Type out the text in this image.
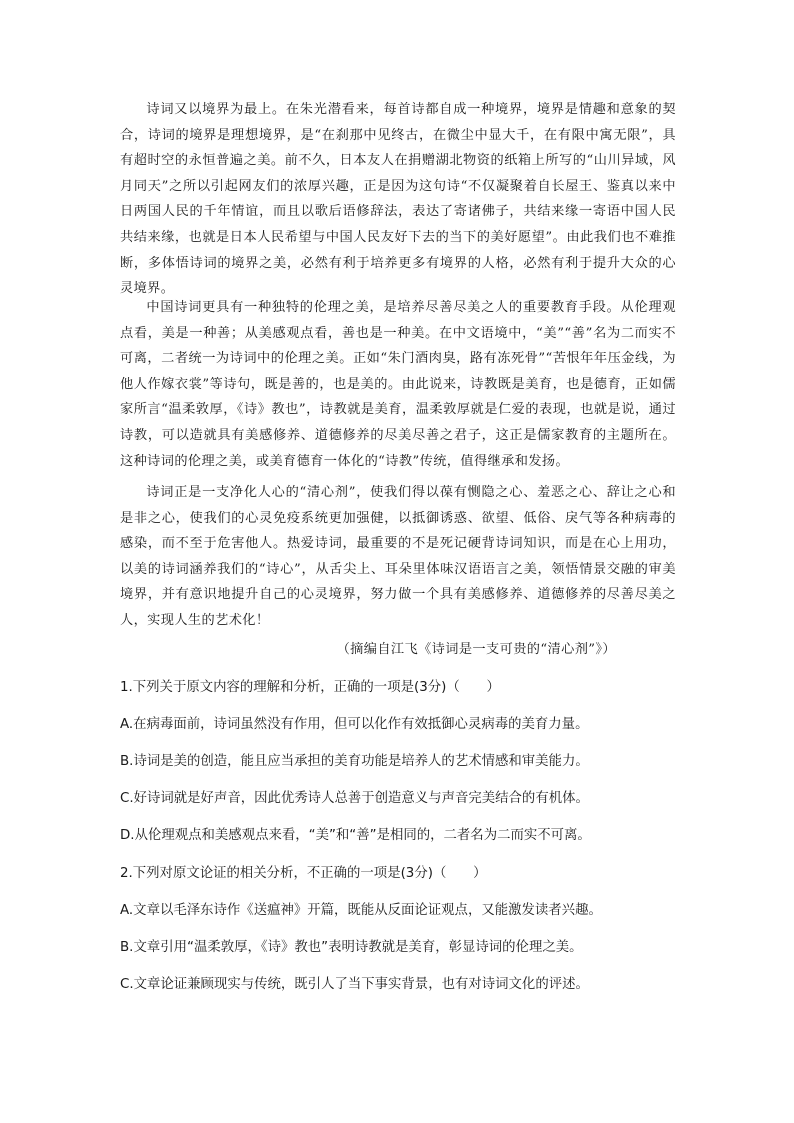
诗词又以境界为最上。在朱光潜看来，每首诗都自成一种境界，境界是情趣和意象的契合，诗词的境界是理想境界，是“在刹那中见终古，在微尘中显大千，在有限中寓无限”，具有超时空的永恒普遍之美。前不久，日本友人在捐赠湖北物资的纸箱上所写的“山川异域，风月同天”之所以引起网友们的浓厚兴趣，正是因为这句诗“不仅凝聚着自长屋王、鉴真以来中日两国人民的千年情谊，而且以歌后语修辞法，表达了寄诸佛子，共结来缘一寄语中国人民共结来缘，也就是日本人民希望与中国人民友好下去的当下的美好愿望”。由此我们也不难推断，多体悟诗词的境界之美，必然有利于培养更多有境界的人格，必然有利于提升大众的心灵境界。

中国诗词更具有一种独特的伦理之美，是培养尽善尽美之人的重要教育手段。从伦理观点看，美是一种善；从美感观点看，善也是一种美。在中文语境中，“美”“善”名为二而实不可离，二者统一为诗词中的伦理之美。正如“朱门酒肉臭，路有冻死骨”“苦恨年年压金线，为他人作嫁衣裳”等诗句，既是善的，也是美的。由此说来，诗教既是美育，也是德育，正如儒家所言“温柔敦厚，《诗》教也”，诗教就是美育，温柔敦厚就是仁爱的表现，也就是说，通过诗教，可以造就具有美感修养、道德修养的尽美尽善之君子，这正是儒家教育的主题所在。这种诗词的伦理之美，或美育德育一体化的“诗教”传统，值得继承和发扬。

诗词正是一支净化人心的“清心剂”，使我们得以葆有恻隐之心、羞恶之心、辞让之心和是非之心，使我们的心灵免疫系统更加强健，以抵御诱惑、欲望、低俗、戾气等各种病毒的感染，而不至于危害他人。热爱诗词，最重要的不是死记硬背诗词知识，而是在心上用功，以美的诗词涵养我们的“诗心”，从舌尖上、耳朵里体味汉语语言之美，领悟情景交融的审美境界，并有意识地提升自己的心灵境界，努力做一个具有美感修养、道德修养的尽善尽美之人，实现人生的艺术化！

（摘编自江飞《诗词是一支可贵的“清心剂”》）

1.下列关于原文内容的理解和分析，正确的一项是(3分)（　　）

A.在病毒面前，诗词虽然没有作用，但可以化作有效抵御心灵病毒的美育力量。

B.诗词是美的创造，能且应当承担的美育功能是培养人的艺术情感和审美能力。

C.好诗词就是好声音，因此优秀诗人总善于创造意义与声音完美结合的有机体。

D.从伦理观点和美感观点来看，“美”和“善”是相同的，二者名为二而实不可离。

2.下列对原文论证的相关分析，不正确的一项是(3分)（　　）

A.文章以毛泽东诗作《送瘟神》开篇，既能从反面论证观点，又能激发读者兴趣。

B.文章引用“温柔敦厚，《诗》教也”表明诗教就是美育，彰显诗词的伦理之美。

C.文章论证兼顾现实与传统，既引人了当下事实背景，也有对诗词文化的评述。
